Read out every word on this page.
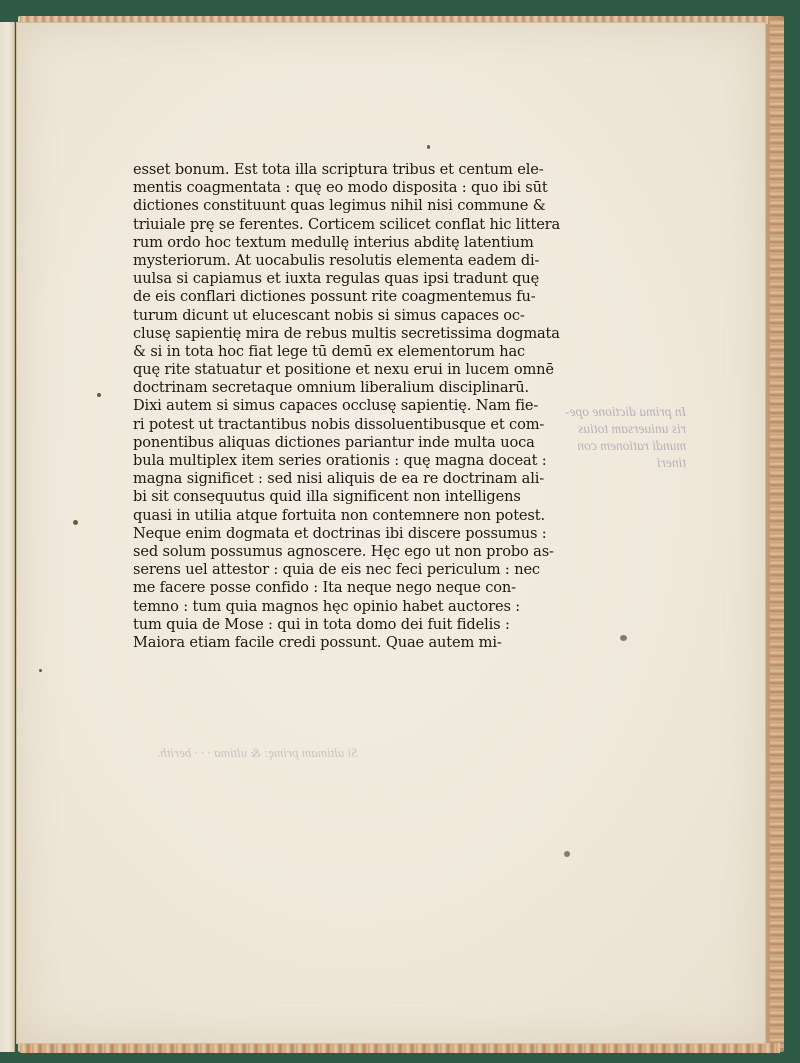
In prima dictione ope-
ris uniuersam totius
mundi rationem con
tineri
Si ultimam primę: & ultima · · · berith.
esset bonum. Est tota illa scriptura tribus et centum ele-
mentis coagmentata : quę eo modo disposita : quo ibi sūt
dictiones constituunt quas legimus nihil nisi commune &
triuiale prę se ferentes. Corticem scilicet conflat hic littera
rum ordo hoc textum medullę interius abditę latentium
mysteriorum. At uocabulis resolutis elementa eadem di-
uulsa si capiamus et iuxta regulas quas ipsi tradunt quę
de eis conflari dictiones possunt rite coagmentemus fu-
turum dicunt ut elucescant nobis si simus capaces oc-
clusę sapientię mira de rebus multis secretissima dogmata
& si in tota hoc fiat lege tū demū ex elementorum hac
quę rite statuatur et positione et nexu erui in lucem omnē
doctrinam secretaque omnium liberalium disciplinarū.
Dixi autem si simus capaces occlusę sapientię. Nam fie-
ri potest ut tractantibus nobis dissoluentibusque et com-
ponentibus aliquas dictiones pariantur inde multa uoca
bula multiplex item series orationis : quę magna doceat :
magna significet : sed nisi aliquis de ea re doctrinam ali-
bi sit consequutus quid illa significent non intelligens
quasi in utilia atque fortuita non contemnere non potest.
Neque enim dogmata et doctrinas ibi discere possumus :
sed solum possumus agnoscere. Hęc ego ut non probo as-
serens uel attestor : quia de eis nec feci periculum : nec
me facere posse confido : Ita neque nego neque con-
temno : tum quia magnos hęc opinio habet auctores :
tum quia de Mose : qui in tota domo dei fuit fidelis :
Maiora etiam facile credi possunt. Quae autem mi-
